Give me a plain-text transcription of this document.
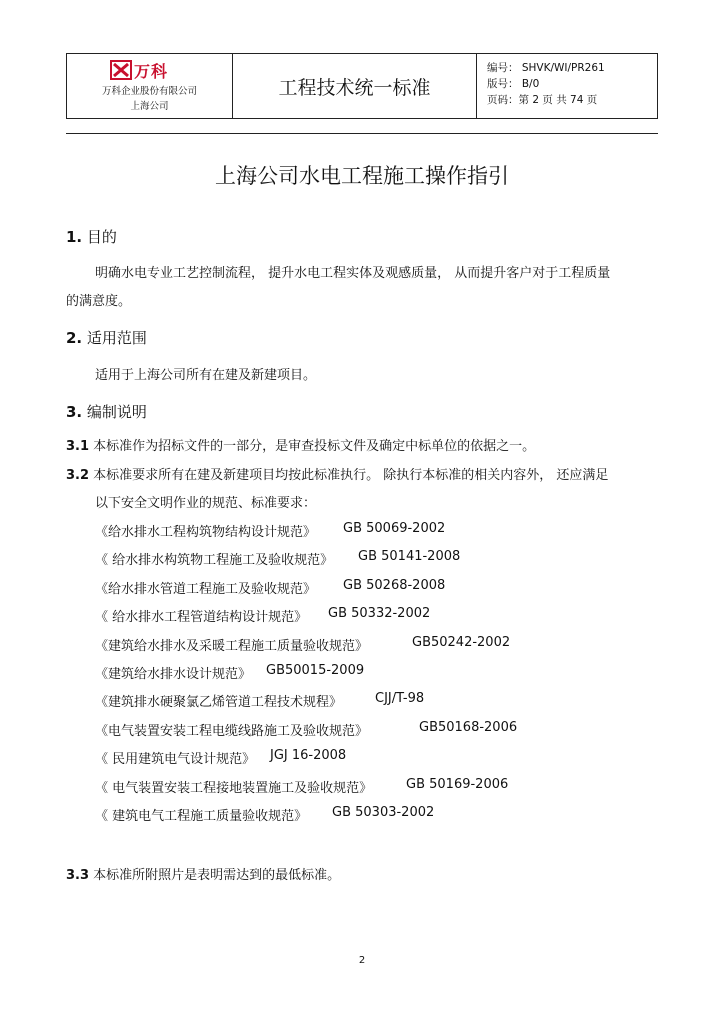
万科
万科企业股份有限公司
上海公司
工程技术统一标准
编号： SHVK/WI/PR261
版号： B/0
页码：第 2 页 共 74 页
上海公司水电工程施工操作指引
1. 目的
明确水电专业工艺控制流程， 提升水电工程实体及观感质量， 从而提升客户对于工程质量
的满意度。
2. 适用范围
适用于上海公司所有在建及新建项目。
3. 编制说明
3.1 本标准作为招标文件的一部分，是审查投标文件及确定中标单位的依据之一。
3.2 本标准要求所有在建及新建项目均按此标准执行。 除执行本标准的相关内容外， 还应满足
以下安全文明作业的规范、标准要求：
《给水排水工程构筑物结构设计规范》 GB 50069-2002
《 给水排水构筑物工程施工及验收规范》 GB 50141-2008
《给水排水管道工程施工及验收规范》 GB 50268-2008
《 给水排水工程管道结构设计规范》 GB 50332-2002
《建筑给水排水及采暖工程施工质量验收规范》	GB50242-2002
《建筑给水排水设计规范》 GB50015-2009
《建筑排水硬聚氯乙烯管道工程技术规程》	CJJ/T-98
《电气装置安装工程电缆线路施工及验收规范》	GB50168-2006
《 民用建筑电气设计规范》 JGJ 16-2008
《 电气装置安装工程接地装置施工及验收规范》	GB 50169-2006
《 建筑电气工程施工质量验收规范》 GB 50303-2002
3.3 本标准所附照片是表明需达到的最低标准。
2
